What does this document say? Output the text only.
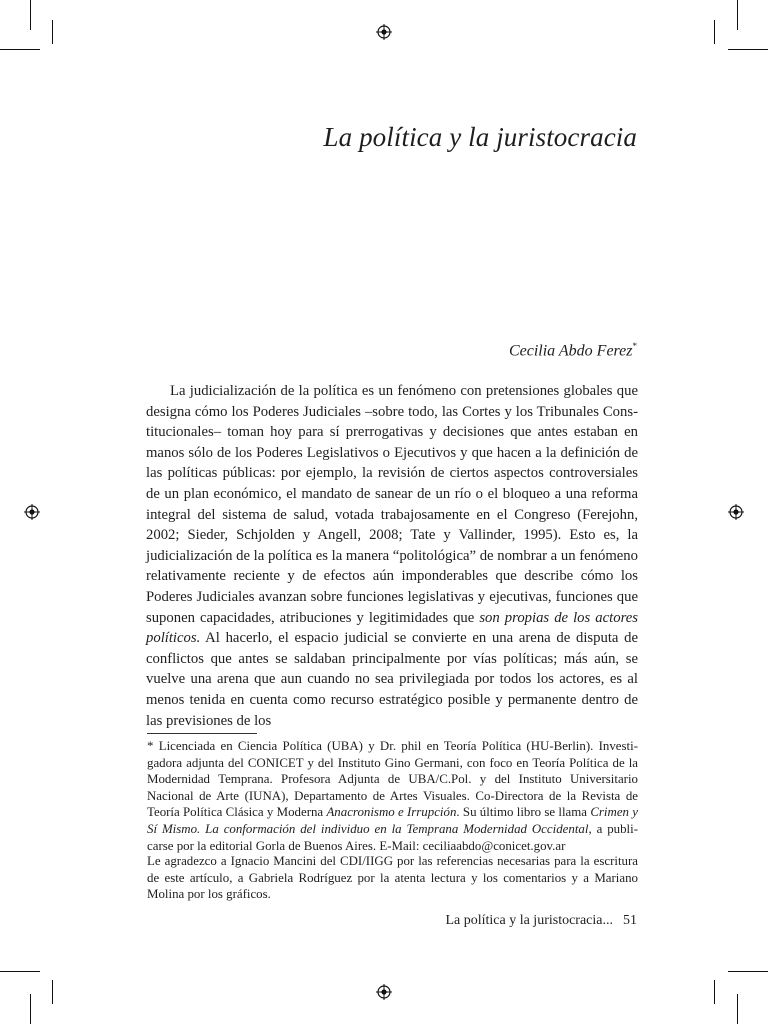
La política y la juristocracia
Cecilia Abdo Ferez*

La judicialización de la política es un fenómeno con pretensiones globales que designa cómo los Poderes Judiciales –sobre todo, las Cortes y los Tribunales Constitucionales– toman hoy para sí prerrogativas y decisiones que antes estaban en manos sólo de los Poderes Legislativos o Ejecutivos y que hacen a la definición de las políticas públicas: por ejemplo, la revisión de ciertos aspectos controversiales de un plan económico, el mandato de sanear de un río o el bloqueo a una reforma integral del sistema de salud, votada trabajosamente en el Congreso (Ferejohn, 2002; Sieder, Schjolden y Angell, 2008; Tate y Vallinder, 1995). Esto es, la judicialización de la política es la manera “politológica” de nombrar a un fenómeno relativamente reciente y de efectos aún imponderables que describe cómo los Poderes Judiciales avanzan sobre funciones legislativas y ejecutivas, funciones que suponen capacidades, atribuciones y legitimidades que son propias de los actores políticos. Al hacerlo, el espacio judicial se convierte en una arena de disputa de conflictos que antes se saldaban principalmente por vías políticas; más aún, se vuelve una arena que aun cuando no sea privilegiada por todos los actores, es al menos tenida en cuenta como recurso estratégico posible y permanente dentro de las previsiones de los

* Licenciada en Ciencia Política (UBA) y Dr. phil en Teoría Política (HU-Berlin). Investigadora adjunta del CONICET y del Instituto Gino Germani, con foco en Teoría Política de la Modernidad Temprana. Profesora Adjunta de UBA/C.Pol. y del Instituto Universitario Nacional de Arte (IUNA), Departamento de Artes Visuales. Co-Directora de la Revista de Teoría Política Clásica y Moderna Anacronismo e Irrupción. Su último libro se llama Crimen y Sí Mismo. La conformación del individuo en la Temprana Modernidad Occidental, a publicarse por la editorial Gorla de Buenos Aires. E-Mail: ceciliaabdo@conicet.gov.ar

Le agradezco a Ignacio Mancini del CDI/IIGG por las referencias necesarias para la escritura de este artículo, a Gabriela Rodríguez por la atenta lectura y los comentarios y a Mariano Molina por los gráficos.

La política y la juristocracia... 51
